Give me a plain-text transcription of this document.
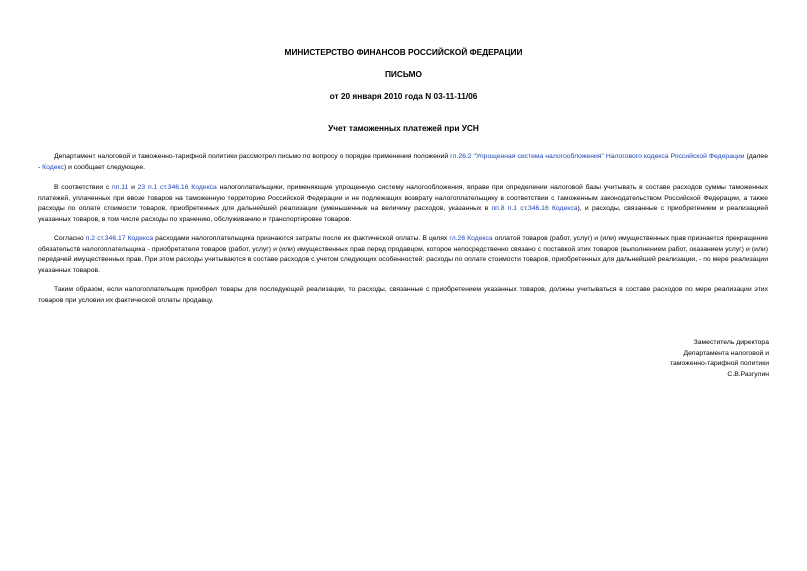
МИНИСТЕРСТВО ФИНАНСОВ РОССИЙСКОЙ ФЕДЕРАЦИИ
ПИСЬМО
от 20 января 2010 года N 03-11-11/06
Учет таможенных платежей при УСН
Департамент налоговой и таможенно-тарифной политики рассмотрел письмо по вопросу о порядке применения положений гл.26.2 "Упрощенная система налогообложения" Налогового кодекса Российской Федерации (далее - Кодекс) и сообщает следующее.
В соответствии с пп.11 и 23 п.1 ст.346.16 Кодекса налогоплательщики, применяющие упрощенную систему налогообложения, вправе при определении налоговой базы учитывать в составе расходов суммы таможенных платежей, уплаченных при ввозе товаров на таможенную территорию Российской Федерации и не подлежащих возврату налогоплательщику в соответствии с таможенным законодательством Российской Федерации, а также расходы по оплате стоимости товаров, приобретенных для дальнейшей реализации (уменьшенные на величину расходов, указанных в пп.8 п.1 ст.346.16 Кодекса), и расходы, связанные с приобретением и реализацией указанных товаров, в том числе расходы по хранению, обслуживанию и транспортировке товаров.
Согласно п.2 ст.346.17 Кодекса расходами налогоплательщика признаются затраты после их фактической оплаты. В целях гл.26 Кодекса оплатой товаров (работ, услуг) и (или) имущественных прав признается прекращение обязательств налогоплательщика - приобретателя товаров (работ, услуг) и (или) имущественных прав перед продавцом, которое непосредственно связано с поставкой этих товаров (выполнением работ, оказанием услуг) и (или) передачей имущественных прав. При этом расходы учитываются в составе расходов с учетом следующих особенностей: расходы по оплате стоимости товаров, приобретенных для дальнейшей реализации, - по мере реализации указанных товаров.
Таким образом, если налогоплательщик приобрел товары для последующей реализации, то расходы, связанные с приобретением указанных товаров, должны учитываться в составе расходов по мере реализации этих товаров при условии их фактической оплаты продавцу.
Заместитель директора
Департамента налоговой и
таможенно-тарифной политики
С.В.Разгулин
